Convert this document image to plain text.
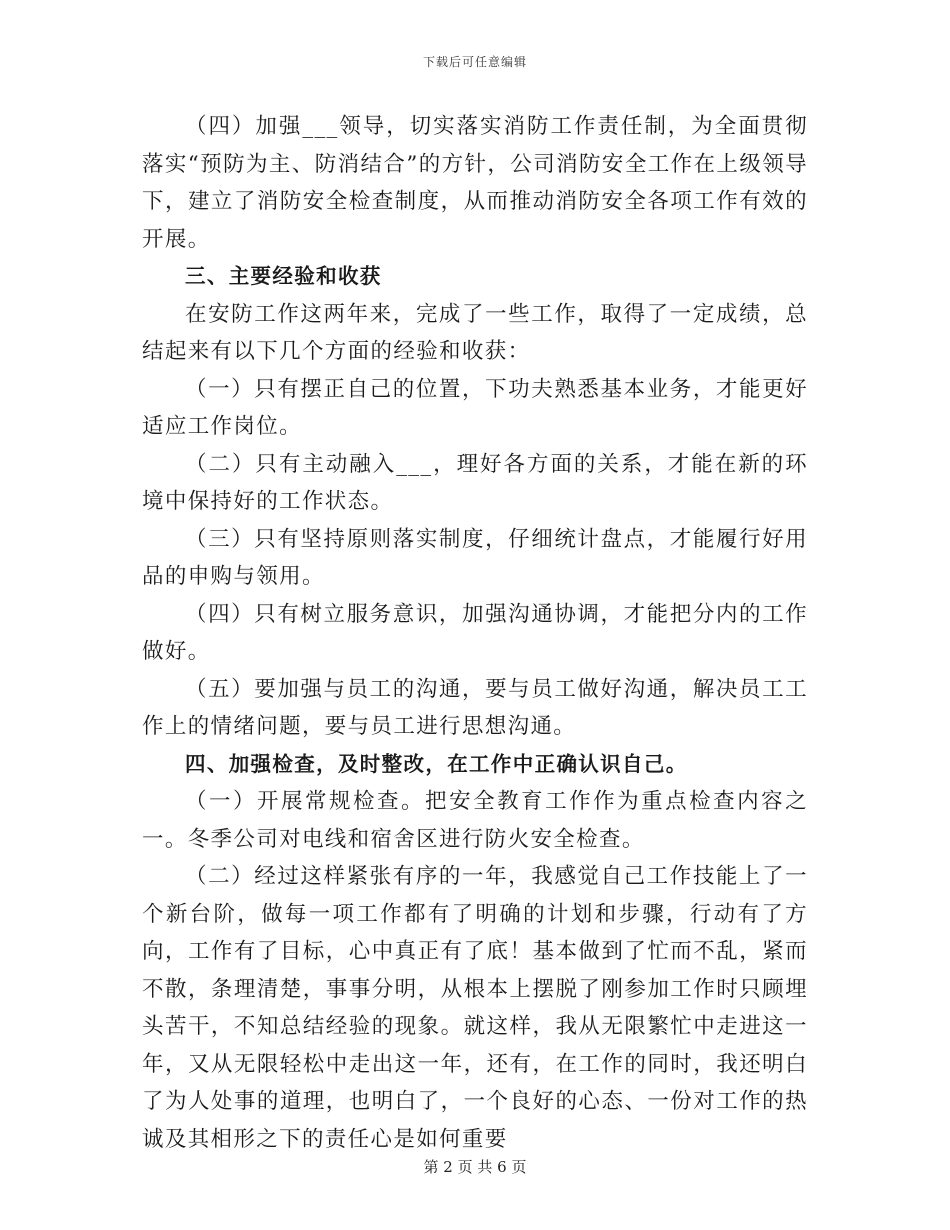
下载后可任意编辑

（四）加强___领导，切实落实消防工作责任制，为全面贯彻落实“预防为主、防消结合”的方针，公司消防安全工作在上级领导下，建立了消防安全检查制度，从而推动消防安全各项工作有效的开展。

三、主要经验和收获

在安防工作这两年来，完成了一些工作，取得了一定成绩，总结起来有以下几个方面的经验和收获：

（一）只有摆正自己的位置，下功夫熟悉基本业务，才能更好适应工作岗位。

（二）只有主动融入___，理好各方面的关系，才能在新的环境中保持好的工作状态。

（三）只有坚持原则落实制度，仔细统计盘点，才能履行好用品的申购与领用。

（四）只有树立服务意识，加强沟通协调，才能把分内的工作做好。

（五）要加强与员工的沟通，要与员工做好沟通，解决员工工作上的情绪问题，要与员工进行思想沟通。

四、加强检查，及时整改，在工作中正确认识自己。

（一）开展常规检查。把安全教育工作作为重点检查内容之一。冬季公司对电线和宿舍区进行防火安全检查。

（二）经过这样紧张有序的一年，我感觉自己工作技能上了一个新台阶，做每一项工作都有了明确的计划和步骤，行动有了方向，工作有了目标，心中真正有了底！基本做到了忙而不乱，紧而不散，条理清楚，事事分明，从根本上摆脱了刚参加工作时只顾埋头苦干，不知总结经验的现象。就这样，我从无限繁忙中走进这一年，又从无限轻松中走出这一年，还有，在工作的同时，我还明白了为人处事的道理，也明白了，一个良好的心态、一份对工作的热诚及其相形之下的责任心是如何重要

第 2 页 共 6 页
